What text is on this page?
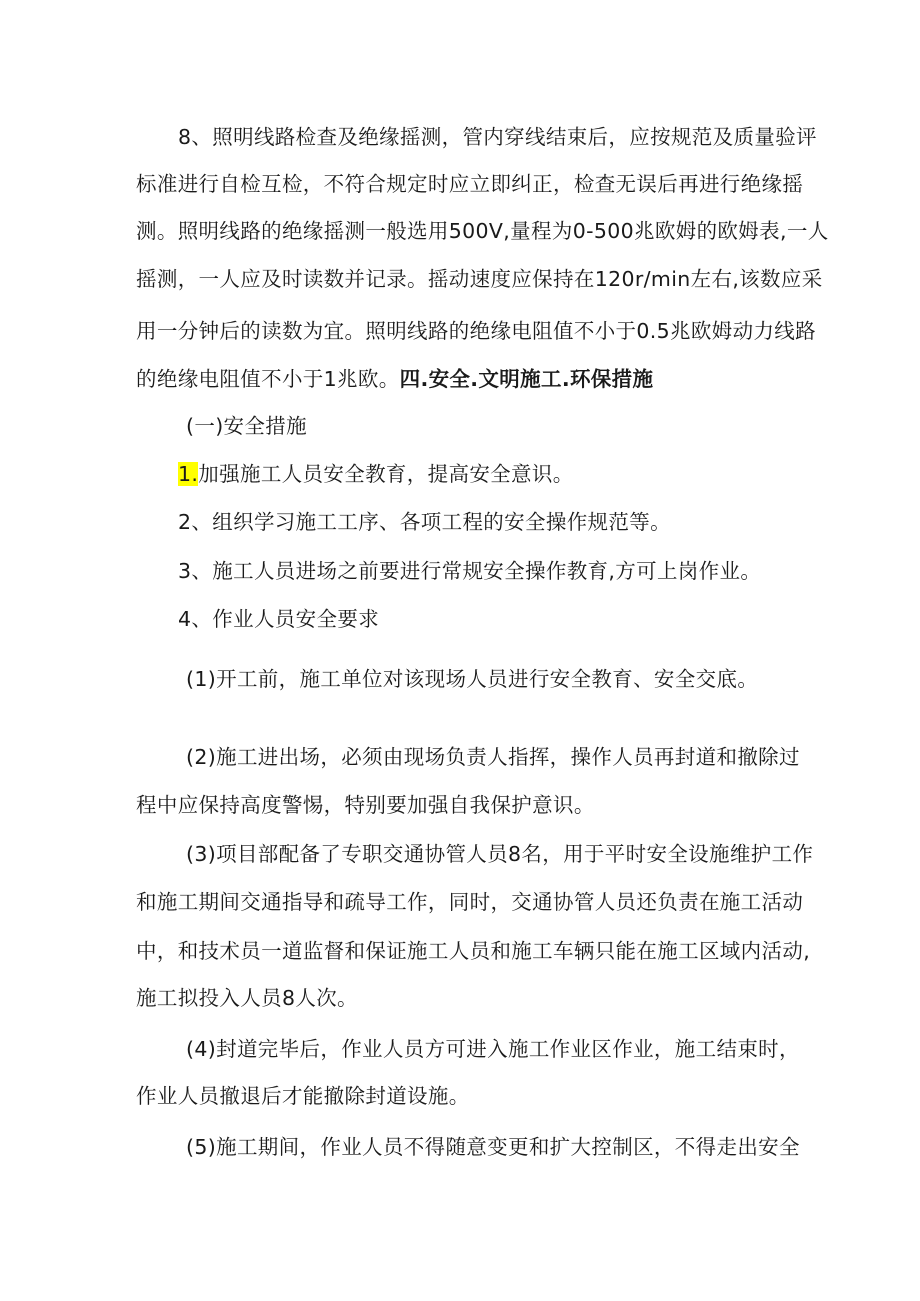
8、照明线路检查及绝缘摇测，管内穿线结束后，应按规范及质量验评

标准进行自检互检，不符合规定时应立即纠正，检查无误后再进行绝缘摇

测。照明线路的绝缘摇测一般选用500V,量程为0-500兆欧姆的欧姆表,一人

摇测，一人应及时读数并记录。摇动速度应保持在120r/min左右,该数应采

用一分钟后的读数为宜。照明线路的绝缘电阻值不小于0.5兆欧姆动力线路

的绝缘电阻值不小于1兆欧。四.安全.文明施工.环保措施

(一)安全措施

1.加强施工人员安全教育，提高安全意识。

2、组织学习施工工序、各项工程的安全操作规范等。

3、施工人员进场之前要进行常规安全操作教育,方可上岗作业。

4、作业人员安全要求

(1)开工前，施工单位对该现场人员进行安全教育、安全交底。

(2)施工进出场，必须由现场负责人指挥，操作人员再封道和撤除过

程中应保持高度警惕，特别要加强自我保护意识。

(3)项目部配备了专职交通协管人员8名，用于平时安全设施维护工作

和施工期间交通指导和疏导工作，同时，交通协管人员还负责在施工活动

中，和技术员一道监督和保证施工人员和施工车辆只能在施工区域内活动,

施工拟投入人员8人次。

(4)封道完毕后，作业人员方可进入施工作业区作业，施工结束时，

作业人员撤退后才能撤除封道设施。

(5)施工期间，作业人员不得随意变更和扩大控制区，不得走出安全
